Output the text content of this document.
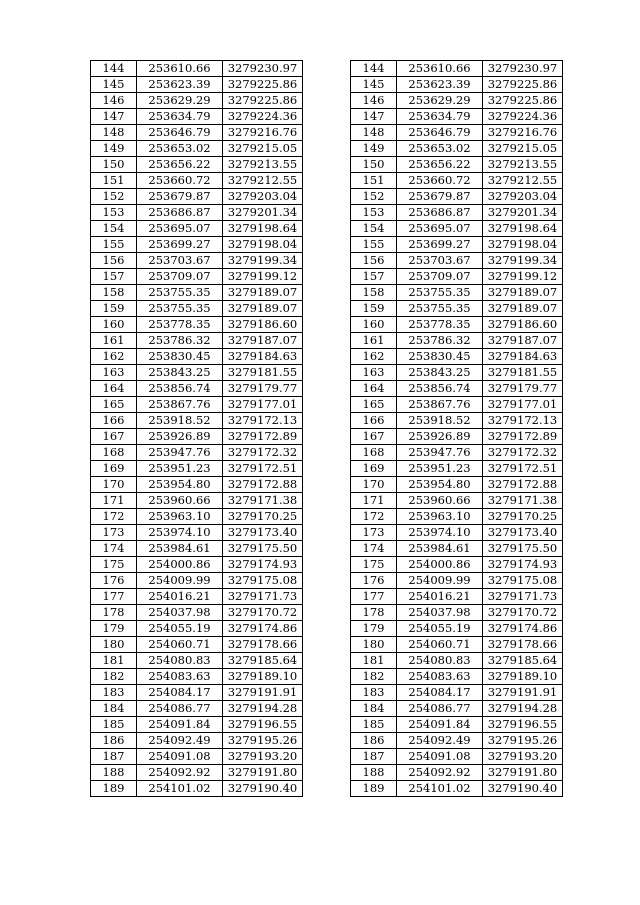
144	253610.66	3279230.97
145	253623.39	3279225.86
146	253629.29	3279225.86
147	253634.79	3279224.36
148	253646.79	3279216.76
149	253653.02	3279215.05
150	253656.22	3279213.55
151	253660.72	3279212.55
152	253679.87	3279203.04
153	253686.87	3279201.34
154	253695.07	3279198.64
155	253699.27	3279198.04
156	253703.67	3279199.34
157	253709.07	3279199.12
158	253755.35	3279189.07
159	253755.35	3279189.07
160	253778.35	3279186.60
161	253786.32	3279187.07
162	253830.45	3279184.63
163	253843.25	3279181.55
164	253856.74	3279179.77
165	253867.76	3279177.01
166	253918.52	3279172.13
167	253926.89	3279172.89
168	253947.76	3279172.32
169	253951.23	3279172.51
170	253954.80	3279172.88
171	253960.66	3279171.38
172	253963.10	3279170.25
173	253974.10	3279173.40
174	253984.61	3279175.50
175	254000.86	3279174.93
176	254009.99	3279175.08
177	254016.21	3279171.73
178	254037.98	3279170.72
179	254055.19	3279174.86
180	254060.71	3279178.66
181	254080.83	3279185.64
182	254083.63	3279189.10
183	254084.17	3279191.91
184	254086.77	3279194.28
185	254091.84	3279196.55
186	254092.49	3279195.26
187	254091.08	3279193.20
188	254092.92	3279191.80
189	254101.02	3279190.40
144	253610.66	3279230.97
145	253623.39	3279225.86
146	253629.29	3279225.86
147	253634.79	3279224.36
148	253646.79	3279216.76
149	253653.02	3279215.05
150	253656.22	3279213.55
151	253660.72	3279212.55
152	253679.87	3279203.04
153	253686.87	3279201.34
154	253695.07	3279198.64
155	253699.27	3279198.04
156	253703.67	3279199.34
157	253709.07	3279199.12
158	253755.35	3279189.07
159	253755.35	3279189.07
160	253778.35	3279186.60
161	253786.32	3279187.07
162	253830.45	3279184.63
163	253843.25	3279181.55
164	253856.74	3279179.77
165	253867.76	3279177.01
166	253918.52	3279172.13
167	253926.89	3279172.89
168	253947.76	3279172.32
169	253951.23	3279172.51
170	253954.80	3279172.88
171	253960.66	3279171.38
172	253963.10	3279170.25
173	253974.10	3279173.40
174	253984.61	3279175.50
175	254000.86	3279174.93
176	254009.99	3279175.08
177	254016.21	3279171.73
178	254037.98	3279170.72
179	254055.19	3279174.86
180	254060.71	3279178.66
181	254080.83	3279185.64
182	254083.63	3279189.10
183	254084.17	3279191.91
184	254086.77	3279194.28
185	254091.84	3279196.55
186	254092.49	3279195.26
187	254091.08	3279193.20
188	254092.92	3279191.80
189	254101.02	3279190.40
